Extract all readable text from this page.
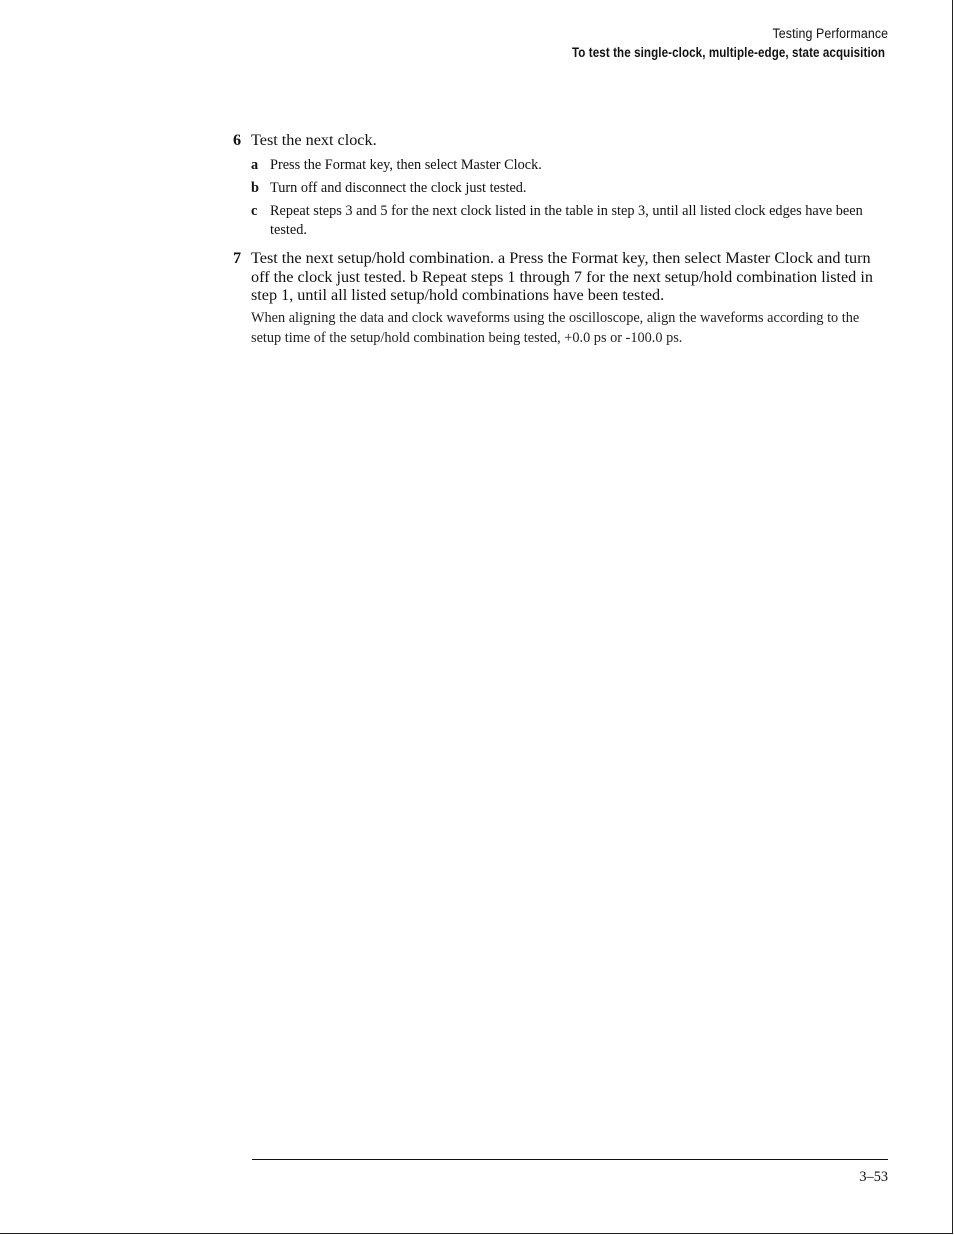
Testing Performance
To test the single-clock, multiple-edge, state acquisition
6 Test the next clock.

a Press the Format key, then select Master Clock.
b Turn off and disconnect the clock just tested.
c Repeat steps 3 and 5 for the next clock listed in the table in step 3, until all listed clock edges have been tested.
7 Test the next setup/hold combination. a Press the Format key, then select Master Clock and turn off the clock just tested. b Repeat steps 1 through 7 for the next setup/hold combination listed in step 1, until all listed setup/hold combinations have been tested.

When aligning the data and clock waveforms using the oscilloscope, align the waveforms according to the setup time of the setup/hold combination being tested, +0.0 ps or -100.0 ps.
3–53
